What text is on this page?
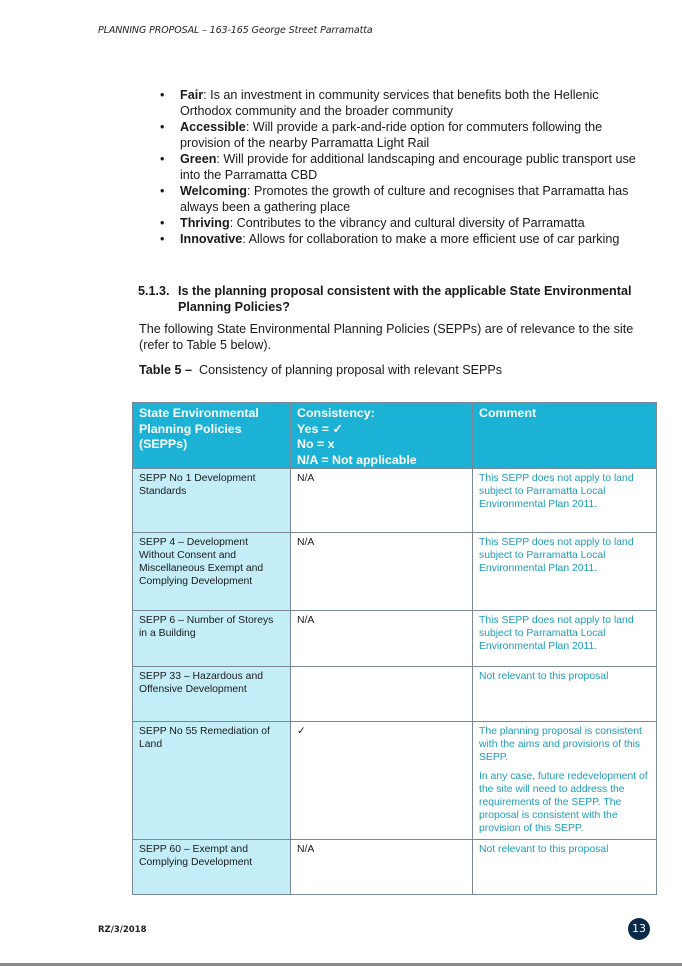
PLANNING PROPOSAL – 163-165 George Street Parramatta
• Fair: Is an investment in community services that benefits both the Hellenic Orthodox community and the broader community
• Accessible: Will provide a park-and-ride option for commuters following the provision of the nearby Parramatta Light Rail
• Green: Will provide for additional landscaping and encourage public transport use into the Parramatta CBD
• Welcoming: Promotes the growth of culture and recognises that Parramatta has always been a gathering place
• Thriving: Contributes to the vibrancy and cultural diversity of Parramatta
• Innovative: Allows for collaboration to make a more efficient use of car parking
5.1.3. Is the planning proposal consistent with the applicable State Environmental Planning Policies?
The following State Environmental Planning Policies (SEPPs) are of relevance to the site (refer to Table 5 below).
Table 5 – Consistency of planning proposal with relevant SEPPs
State Environmental Planning Policies (SEPPs)	Consistency:
Yes = ✓
No = x
N/A = Not applicable	Comment
SEPP No 1 Development Standards	N/A	This SEPP does not apply to land subject to Parramatta Local Environmental Plan 2011.

SEPP 4 – Development Without Consent and Miscellaneous Exempt and Complying Development	N/A	This SEPP does not apply to land subject to Parramatta Local Environmental Plan 2011.

SEPP 6 – Number of Storeys in a Building	N/A	This SEPP does not apply to land subject to Parramatta Local Environmental Plan 2011.

SEPP 33 – Hazardous and Offensive Development		Not relevant to this proposal

SEPP No 55 Remediation of Land	✓	The planning proposal is consistent with the aims and provisions of this SEPP.

In any case, future redevelopment of the site will need to address the requirements of the SEPP. The proposal is consistent with the provision of this SEPP.

SEPP 60 – Exempt and Complying Development	N/A	Not relevant to this proposal

RZ/3/2018	13
